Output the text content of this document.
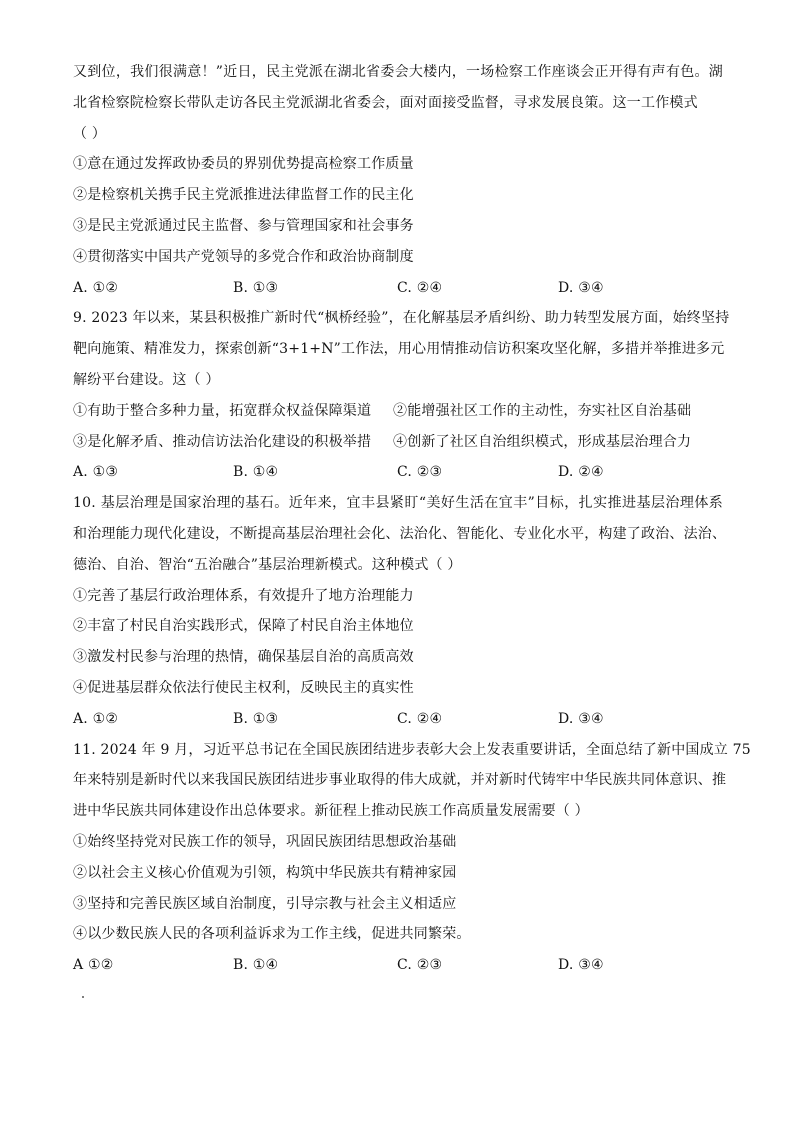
又到位，我们很满意！”近日，民主党派在湖北省委会大楼内，一场检察工作座谈会正开得有声有色。湖
北省检察院检察长带队走访各民主党派湖北省委会，面对面接受监督，寻求发展良策。这一工作模式
（ ）
①意在通过发挥政协委员的界别优势提高检察工作质量
②是检察机关携手民主党派推进法律监督工作的民主化
③是民主党派通过民主监督、参与管理国家和社会事务
④贯彻落实中国共产党领导的多党合作和政治协商制度
A. ①②	B. ①③	C. ②④	D. ③④
9. 2023 年以来，某县积极推广新时代“枫桥经验”，在化解基层矛盾纠纷、助力转型发展方面，始终坚持
靶向施策、精准发力，探索创新“3+1+N”工作法，用心用情推动信访积案攻坚化解，多措并举推进多元
解纷平台建设。这（ ）
①有助于整合多种力量，拓宽群众权益保障渠道 ②能增强社区工作的主动性，夯实社区自治基础
③是化解矛盾、推动信访法治化建设的积极举措 ④创新了社区自治组织模式，形成基层治理合力
A. ①③	B. ①④	C. ②③	D. ②④
10. 基层治理是国家治理的基石。近年来，宜丰县紧盯“美好生活在宜丰”目标，扎实推进基层治理体系
和治理能力现代化建设，不断提高基层治理社会化、法治化、智能化、专业化水平，构建了政治、法治、
德治、自治、智治“五治融合”基层治理新模式。这种模式（ ）
①完善了基层行政治理体系，有效提升了地方治理能力
②丰富了村民自治实践形式，保障了村民自治主体地位
③激发村民参与治理的热情，确保基层自治的高质高效
④促进基层群众依法行使民主权利，反映民主的真实性
A. ①②	B. ①③	C. ②④	D. ③④
11. 2024 年 9 月，习近平总书记在全国民族团结进步表彰大会上发表重要讲话，全面总结了新中国成立 75
年来特别是新时代以来我国民族团结进步事业取得的伟大成就，并对新时代铸牢中华民族共同体意识、推
进中华民族共同体建设作出总体要求。新征程上推动民族工作高质量发展需要（ ）
①始终坚持党对民族工作的领导，巩固民族团结思想政治基础
②以社会主义核心价值观为引领，构筑中华民族共有精神家园
③坚持和完善民族区域自治制度，引导宗教与社会主义相适应
④以少数民族人民的各项利益诉求为工作主线，促进共同繁荣。
A ①②	B. ①④	C. ②③	D. ③④
